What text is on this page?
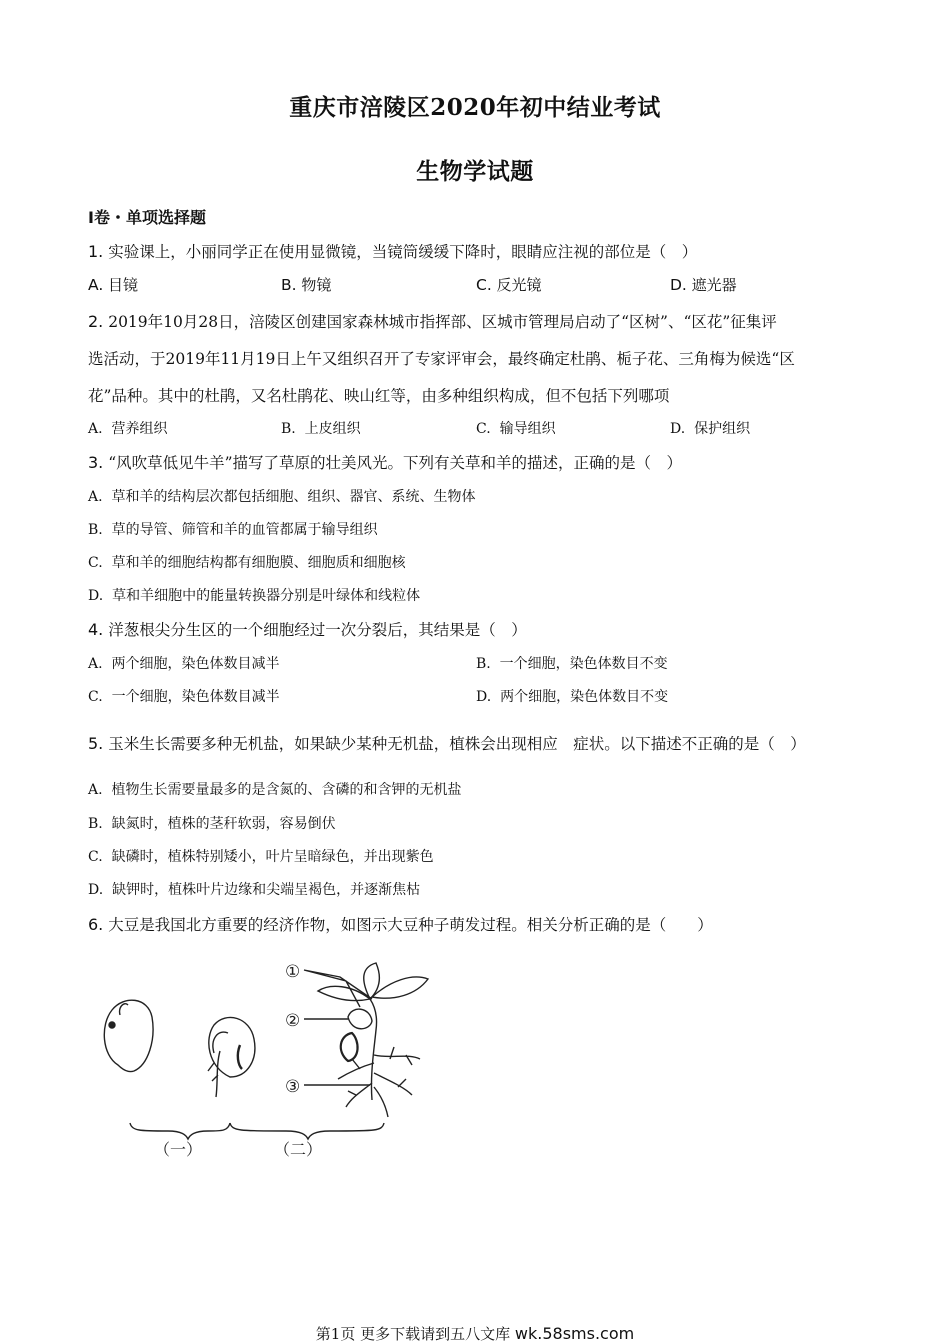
重庆市涪陵区2020年初中结业考试
生物学试题
Ⅰ卷・单项选择题
1. 实验课上，小丽同学正在使用显微镜，当镜筒缓缓下降时，眼睛应注视的部位是（　）
A. 目镜	B. 物镜	C. 反光镜	D. 遮光器
2. 2019年10月28日，涪陵区创建国家森林城市指挥部、区城市管理局启动了“区树”、“区花”征集评
选活动，于2019年11月19日上午又组织召开了专家评审会，最终确定杜鹃、栀子花、三角梅为候选“区
花”品种。其中的杜鹃，又名杜鹃花、映山红等，由多种组织构成，但不包括下列哪项
A. 营养组织	B. 上皮组织	C. 输导组织	D. 保护组织
3. “风吹草低见牛羊”描写了草原的壮美风光。下列有关草和羊的描述，正确的是（　）
A. 草和羊的结构层次都包括细胞、组织、器官、系统、生物体
B. 草的导管、筛管和羊的血管都属于输导组织
C. 草和羊的细胞结构都有细胞膜、细胞质和细胞核
D. 草和羊细胞中的能量转换器分别是叶绿体和线粒体
4. 洋葱根尖分生区的一个细胞经过一次分裂后，其结果是（　）
A. 两个细胞，染色体数目减半	B. 一个细胞，染色体数目不变
C. 一个细胞，染色体数目减半	D. 两个细胞，染色体数目不变
5. 玉米生长需要多种无机盐，如果缺少某种无机盐，植株会出现相应　症状。以下描述不正确的是（　）
A. 植物生长需要量最多的是含氮的、含磷的和含钾的无机盐
B. 缺氮时，植株的茎秆软弱，容易倒伏
C. 缺磷时，植株特别矮小，叶片呈暗绿色，并出现紫色
D. 缺钾时，植株叶片边缘和尖端呈褐色，并逐渐焦枯
6. 大豆是我国北方重要的经济作物，如图示大豆种子萌发过程。相关分析正确的是（　　）
①
②
③
（一）	（二）
第1页 更多下载请到五八文库 wk.58sms.com
